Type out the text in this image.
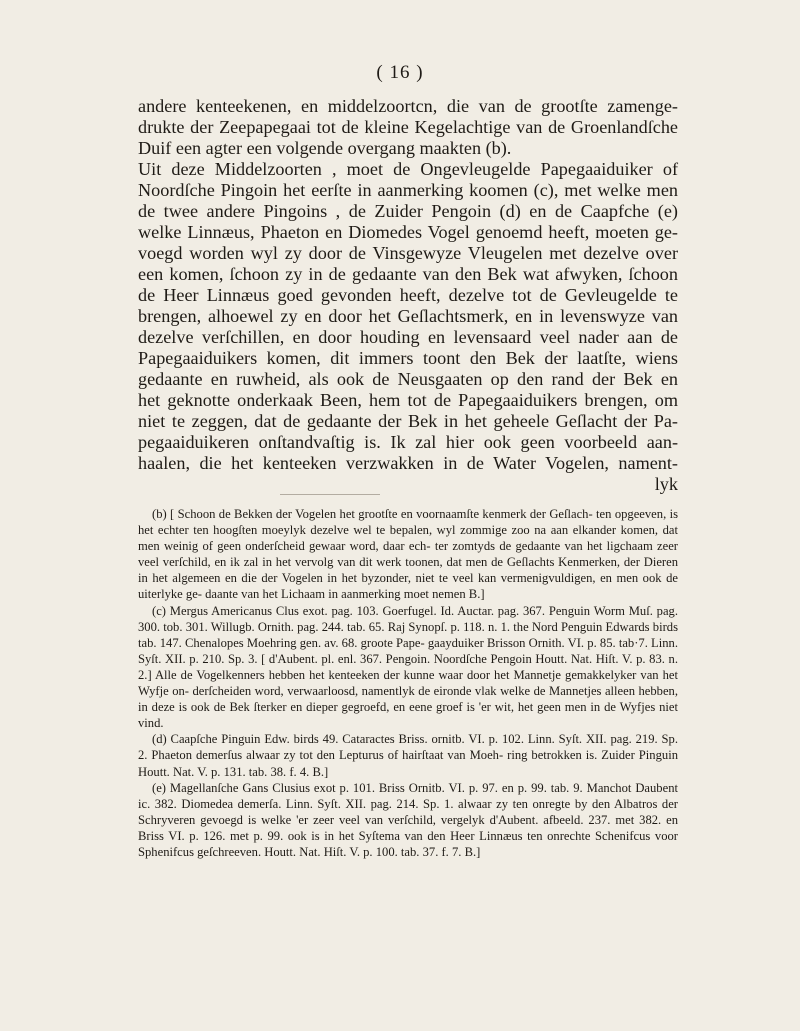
( 16 )

andere kenteekenen, en middelzoortcn, die van de grootſte zamenge-

drukte der Zeepapegaai tot de kleine Kegelachtige van de Groenlandſche

Duif een agter een volgende overgang maakten (b).

Uit deze Middelzoorten , moet de Ongevleugelde Papegaaiduiker of

Noordſche Pingoin het eerſte in aanmerking koomen (c), met welke men

de twee andere Pingoins , de Zuider Pengoin (d) en de Caapfche (e)

welke Linnæus, Phaeton en Diomedes Vogel genoemd heeft, moeten ge-

voegd worden wyl zy door de Vinsgewyze Vleugelen met dezelve over

een komen, ſchoon zy in de gedaante van den Bek wat afwyken, ſchoon

de Heer Linnæus goed gevonden heeft, dezelve tot de Gevleugelde te

brengen, alhoewel zy en door het Geſlachtsmerk, en in levenswyze van

dezelve verſchillen, en door houding en levensaard veel nader aan de

Papegaaiduikers komen, dit immers toont den Bek der laatſte, wiens

gedaante en ruwheid, als ook de Neusgaaten op den rand der Bek en

het geknotte onderkaak Been, hem tot de Papegaaiduikers brengen, om

niet te zeggen, dat de gedaante der Bek in het geheele Geſlacht der Pa-

pegaaiduikeren onſtandvaſtig is. Ik zal hier ook geen voorbeeld aan-

haalen, die het kenteeken verzwakken in de Water Vogelen, nament-

lyk

(b) [ Schoon de Bekken der Vogelen het grootſte en voornaamſte kenmerk der Geſlach- ten opgeeven, is het echter ten hoogſten moeylyk dezelve wel te bepalen, wyl zommige zoo na aan elkander komen, dat men weinig of geen onderſcheid gewaar word, daar ech- ter zomtyds de gedaante van het ligchaam zeer veel verſchild, en ik zal in het vervolg van dit werk toonen, dat men de Geſlachts Kenmerken, der Dieren in het algemeen en die der Vogelen in het byzonder, niet te veel kan vermenigvuldigen, en men ook de uiterlyke ge- daante van het Lichaam in aanmerking moet nemen B.]

(c) Mergus Americanus Clus exot. pag. 103. Goerfugel. Id. Auctar. pag. 367. Penguin Worm Muſ. pag. 300. tob. 301. Willugb. Ornith. pag. 244. tab. 65. Raj Synopſ. p. 118. n. 1. the Nord Penguin Edwards birds tab. 147. Chenalopes Moehring gen. av. 68. groote Pape- gaayduiker Brisson Ornith. VI. p. 85. tab·7. Linn. Syſt. XII. p. 210. Sp. 3. [ d'Aubent. pl. enl. 367. Pengoin. Noordſche Pengoin Houtt. Nat. Hiſt. V. p. 83. n. 2.] Alle de Vogelkenners hebben het kenteeken der kunne waar door het Mannetje gemakkelyker van het Wyfje on- derſcheiden word, verwaarloosd, namentlyk de eironde vlak welke de Mannetjes alleen hebben, in deze is ook de Bek ſterker en dieper gegroefd, en eene groef is 'er wit, het geen men in de Wyfjes niet vind.

(d) Caapſche Pinguin Edw. birds 49. Cataractes Briss. ornitb. VI. p. 102. Linn. Syſt. XII. pag. 219. Sp. 2. Phaeton demerſus alwaar zy tot den Lepturus of hairſtaat van Moeh- ring betrokken is. Zuider Pinguin Houtt. Nat. V. p. 131. tab. 38. f. 4. B.]

(e) Magellanſche Gans Clusius exot p. 101. Briss Ornitb. VI. p. 97. en p. 99. tab. 9. Manchot Daubent ic. 382. Diomedea demerſa. Linn. Syſt. XII. pag. 214. Sp. 1. alwaar zy ten onregte by den Albatros der Schryveren gevoegd is welke 'er zeer veel van verſchild, vergelyk d'Aubent. afbeeld. 237. met 382. en Briss VI. p. 126. met p. 99. ook is in het Syſtema van den Heer Linnæus ten onrechte Schenifcus voor Sphenifcus geſchreeven. Houtt. Nat. Hiſt. V. p. 100. tab. 37. f. 7. B.]
